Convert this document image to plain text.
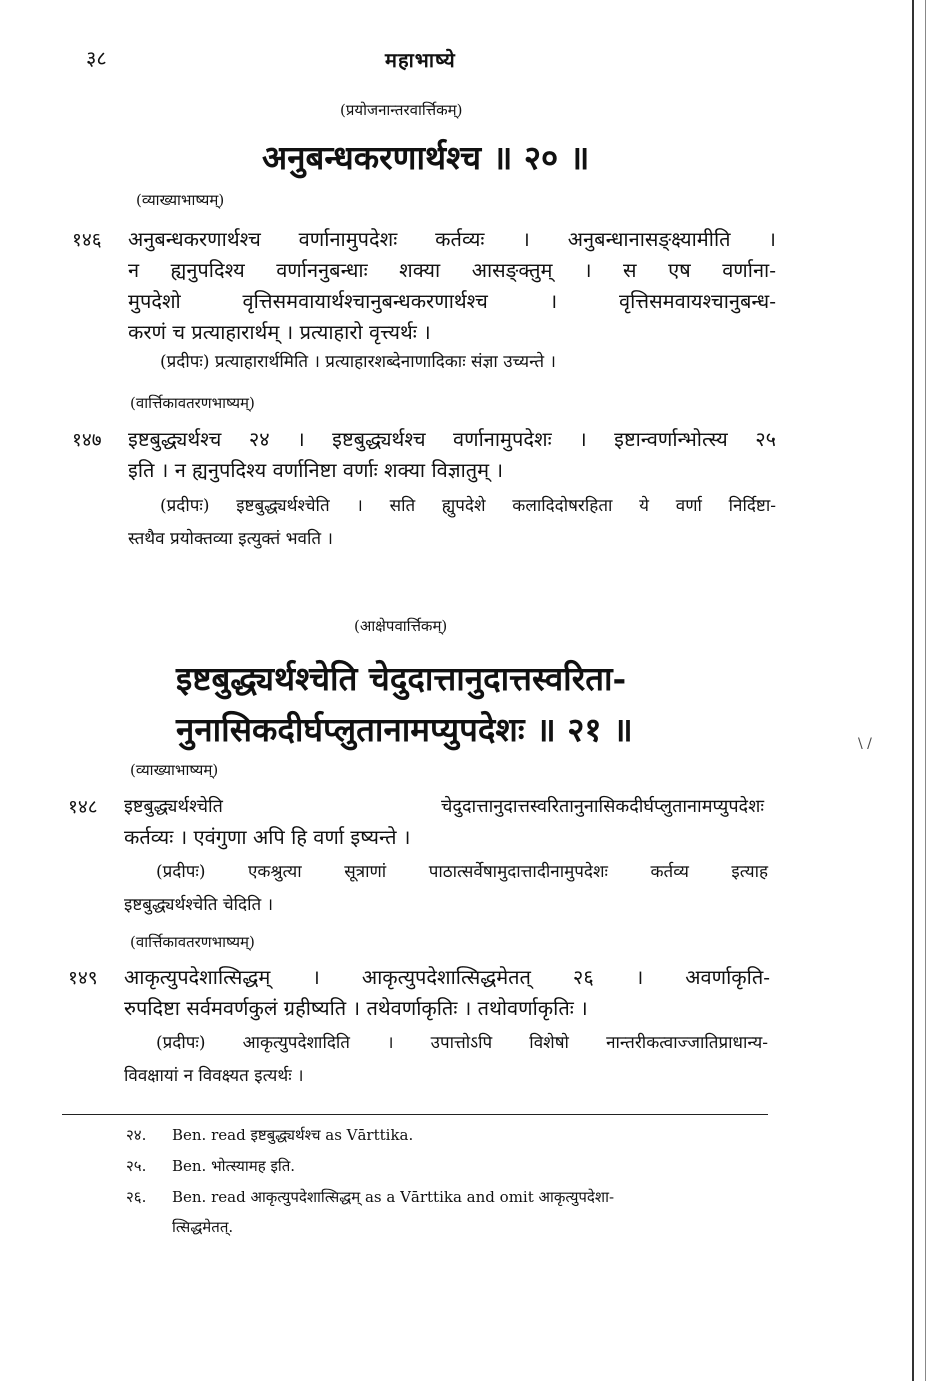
३८	महाभाष्ये
(प्रयोजनान्तरवार्त्तिकम्)
अनुबन्धकरणार्थश्च ॥ २० ॥
(व्याख्याभाष्यम्)
१४६ अनुबन्धकरणार्थश्च वर्णानामुपदेशः कर्तव्यः । अनुबन्धानासङ्क्ष्यामीति ।
न ह्यनुपदिश्य वर्णाननुबन्धाः शक्या आसङ्क्तुम् । स एष वर्णाना-
मुपदेशो वृत्तिसमवायार्थश्चानुबन्धकरणार्थश्च । वृत्तिसमवायश्चानुबन्ध-
करणं च प्रत्याहारार्थम् । प्रत्याहारो वृत्त्यर्थः ।
(प्रदीपः) प्रत्याहारार्थमिति । प्रत्याहारशब्देनाणादिकाः संज्ञा उच्यन्ते ।
(वार्त्तिकावतरणभाष्यम्)
१४७ इष्टबुद्ध्यर्थश्च २४ । इष्टबुद्ध्यर्थश्च वर्णानामुपदेशः । इष्टान्वर्णान्भोत्स्य २५
इति । न ह्यनुपदिश्य वर्णानिष्टा वर्णाः शक्या विज्ञातुम् ।
(प्रदीपः) इष्टबुद्ध्यर्थश्चेति । सति ह्युपदेशे कलादिदोषरहिता ये वर्णा निर्दिष्टा-
स्तथैव प्रयोक्तव्या इत्युक्तं भवति ।
(आक्षेपवार्त्तिकम्)
इष्टबुद्ध्यर्थश्चेति चेदुदात्तानुदात्तस्वरिता-
नुनासिकदीर्घप्लुतानामप्युपदेशः ॥ २१ ॥
(व्याख्याभाष्यम्)
१४८ इष्टबुद्ध्यर्थश्चेति चेदुदात्तानुदात्तस्वरितानुनासिकदीर्घप्लुतानामप्युपदेशः
कर्तव्यः । एवंगुणा अपि हि वर्णा इष्यन्ते ।
(प्रदीपः) एकश्रुत्या सूत्राणां पाठात्सर्वेषामुदात्तादीनामुपदेशः कर्तव्य इत्याह
इष्टबुद्ध्यर्थश्चेति चेदिति ।
(वार्त्तिकावतरणभाष्यम्)
१४९ आकृत्युपदेशात्सिद्धम् । आकृत्युपदेशात्सिद्धमेतत् २६ । अवर्णाकृति-
रुपदिष्टा सर्वमवर्णकुलं ग्रहीष्यति । तथेवर्णाकृतिः । तथोवर्णाकृतिः ।
(प्रदीपः) आकृत्युपदेशादिति । उपात्तोऽपि विशेषो नान्तरीकत्वाज्जातिप्राधान्य-
विवक्षायां न विवक्ष्यत इत्यर्थः ।
२४. Ben. read इष्टबुद्ध्यर्थश्च as Vārttika.
२५. Ben. भोत्स्यामह इति.
२६. Ben. read आकृत्युपदेशात्सिद्धम् as a Vārttika and omit आकृत्युपदेशा-
त्सिद्धमेतत्.
\ /
